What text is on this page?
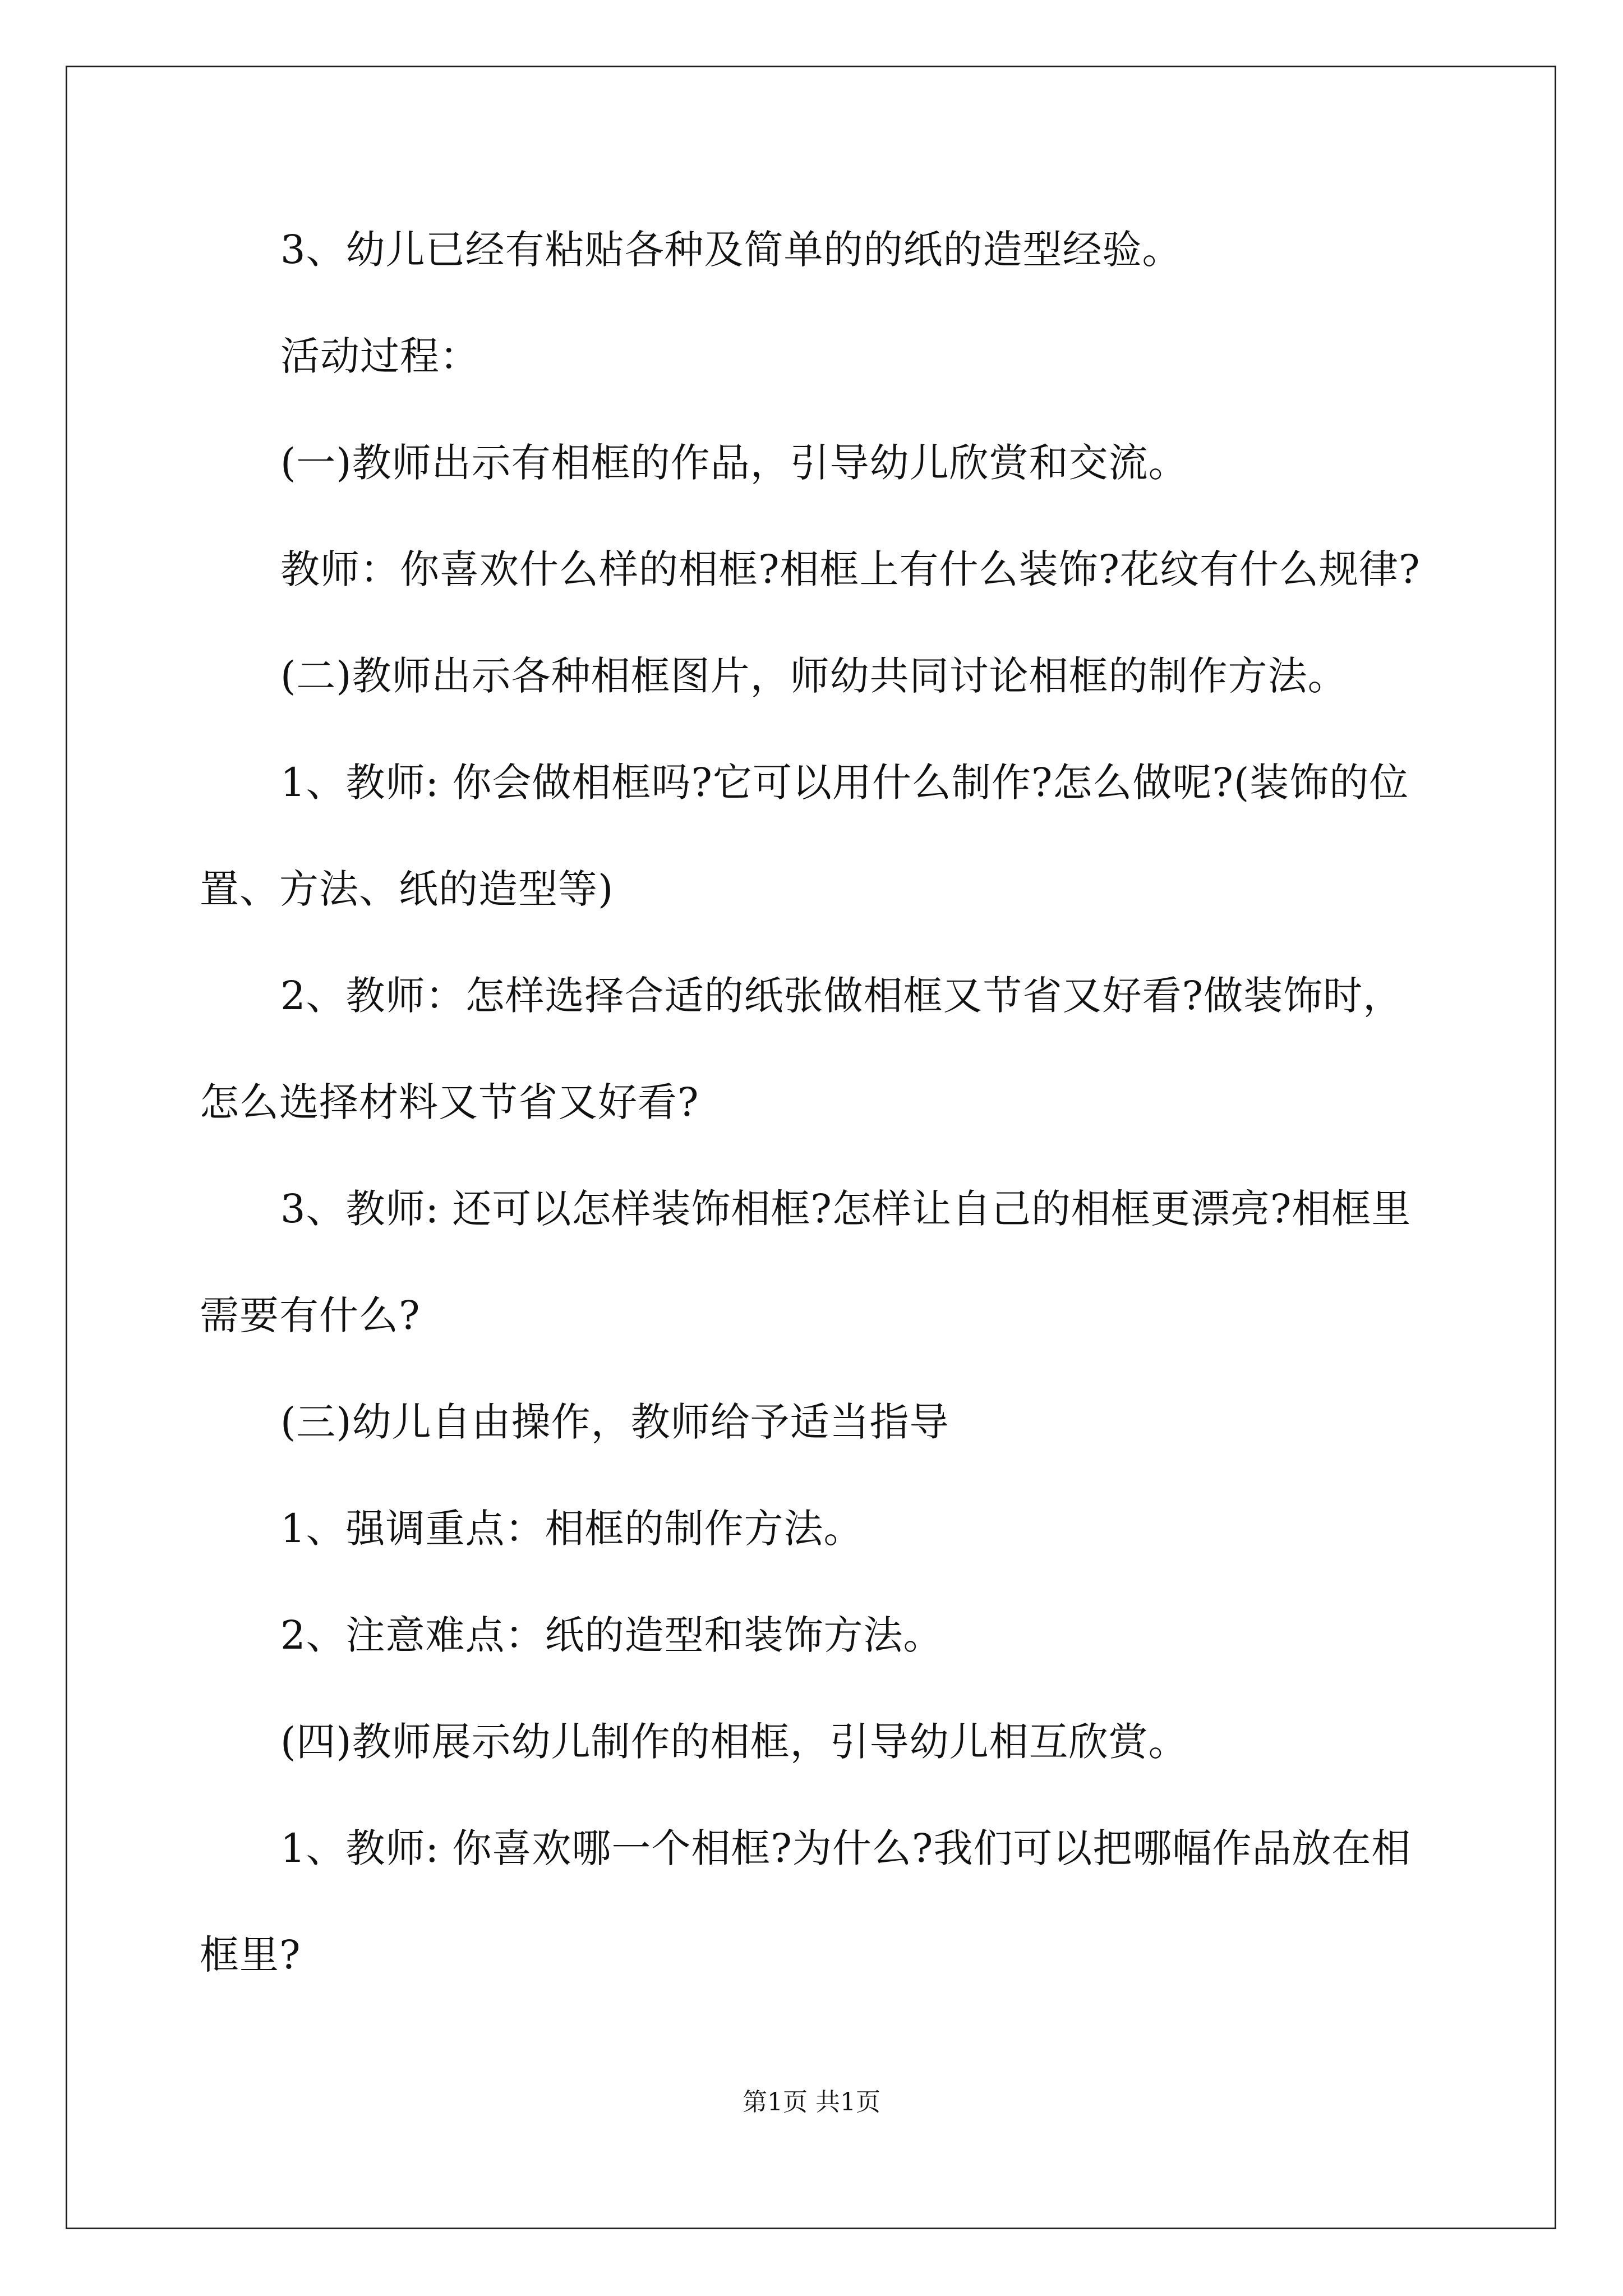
3、幼儿已经有粘贴各种及简单的的纸的造型经验。
活动过程：
(一)教师出示有相框的作品，引导幼儿欣赏和交流。
教师：你喜欢什么样的相框?相框上有什么装饰?花纹有什么规律?
(二)教师出示各种相框图片，师幼共同讨论相框的制作方法。
1、教师: 你会做相框吗?它可以用什么制作?怎么做呢?(装饰的位
置、方法、纸的造型等)
2、教师：怎样选择合适的纸张做相框又节省又好看?做装饰时，
怎么选择材料又节省又好看?
3、教师: 还可以怎样装饰相框?怎样让自己的相框更漂亮?相框里
需要有什么?
(三)幼儿自由操作，教师给予适当指导
1、强调重点：相框的制作方法。
2、注意难点：纸的造型和装饰方法。
(四)教师展示幼儿制作的相框，引导幼儿相互欣赏。
1、教师: 你喜欢哪一个相框?为什么?我们可以把哪幅作品放在相
框里?
第1页 共1页
